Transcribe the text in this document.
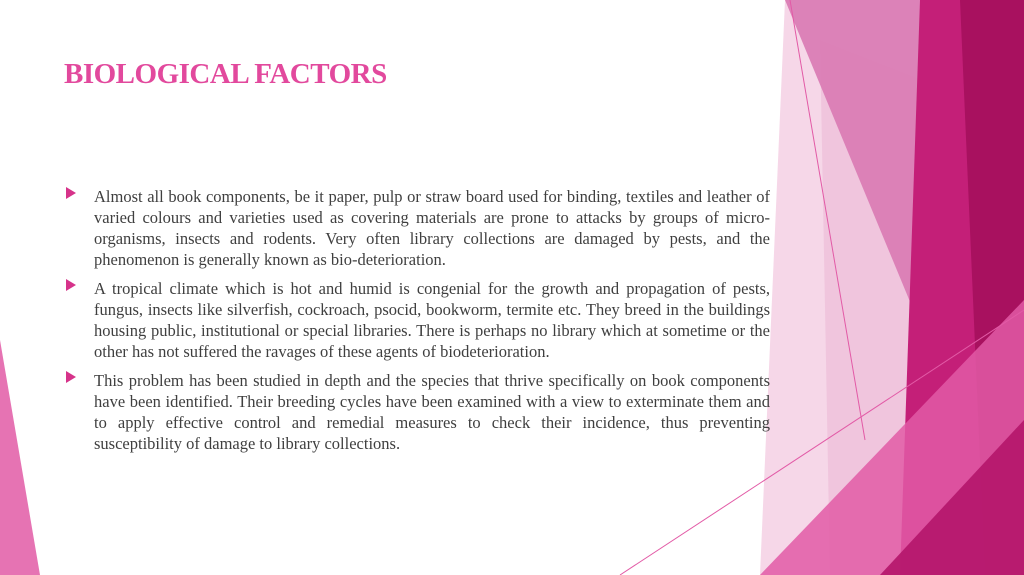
BIOLOGICAL FACTORS
Almost all book components, be it paper, pulp or straw board used for binding, textiles and leather of varied colours and varieties used as covering materials are prone to attacks by groups of micro-organisms, insects and rodents. Very often library collections are damaged by pests, and the phenomenon is generally known as bio-deterioration.
A tropical climate which is hot and humid is congenial for the growth and propagation of pests, fungus, insects like silverfish, cockroach, psocid, bookworm, termite etc. They breed in the buildings housing public, institutional or special libraries. There is perhaps no library which at sometime or the other has not suffered the ravages of these agents of biodeterioration.
This problem has been studied in depth and the species that thrive specifically on book components have been identified. Their breeding cycles have been examined with a view to exterminate them and to apply effective control and remedial measures to check their incidence, thus preventing susceptibility of damage to library collections.
